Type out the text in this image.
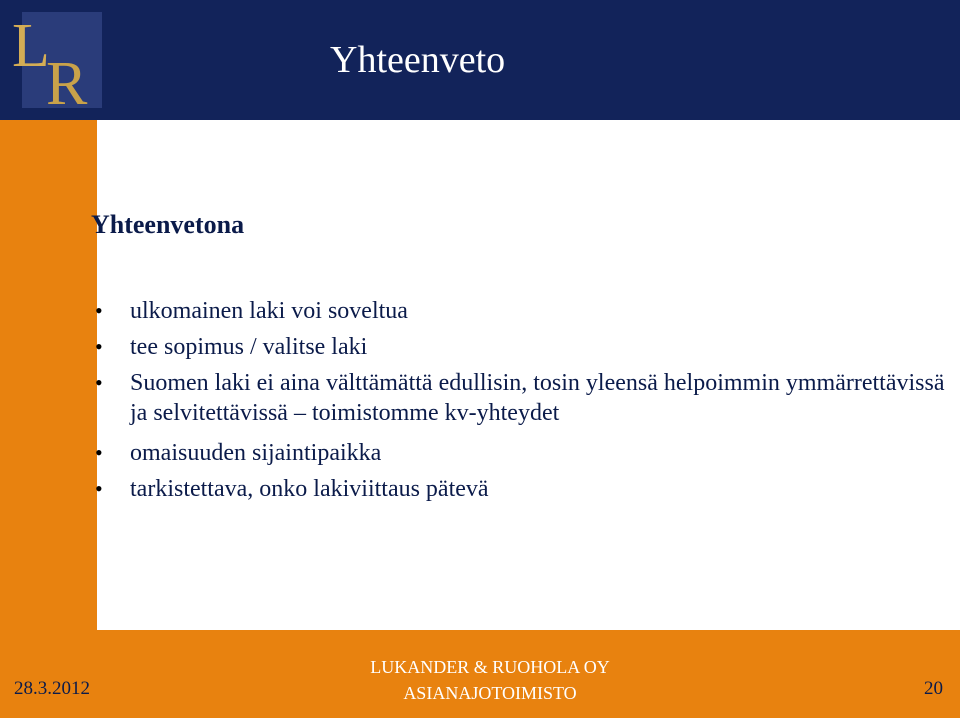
L
R	Yhteenveto
Yhteenvetona
• ulkomainen laki voi soveltua
• tee sopimus / valitse laki
• Suomen laki ei aina välttämättä edullisin, tosin yleensä helpoimmin ymmärrettävissä ja selvitettävissä – toimistomme kv-yhteydet
• omaisuuden sijaintipaikka
• tarkistettava, onko lakiviittaus pätevä
28.3.2012
LUKANDER & RUOHOLA OY
ASIANAJOTOIMISTO	20
